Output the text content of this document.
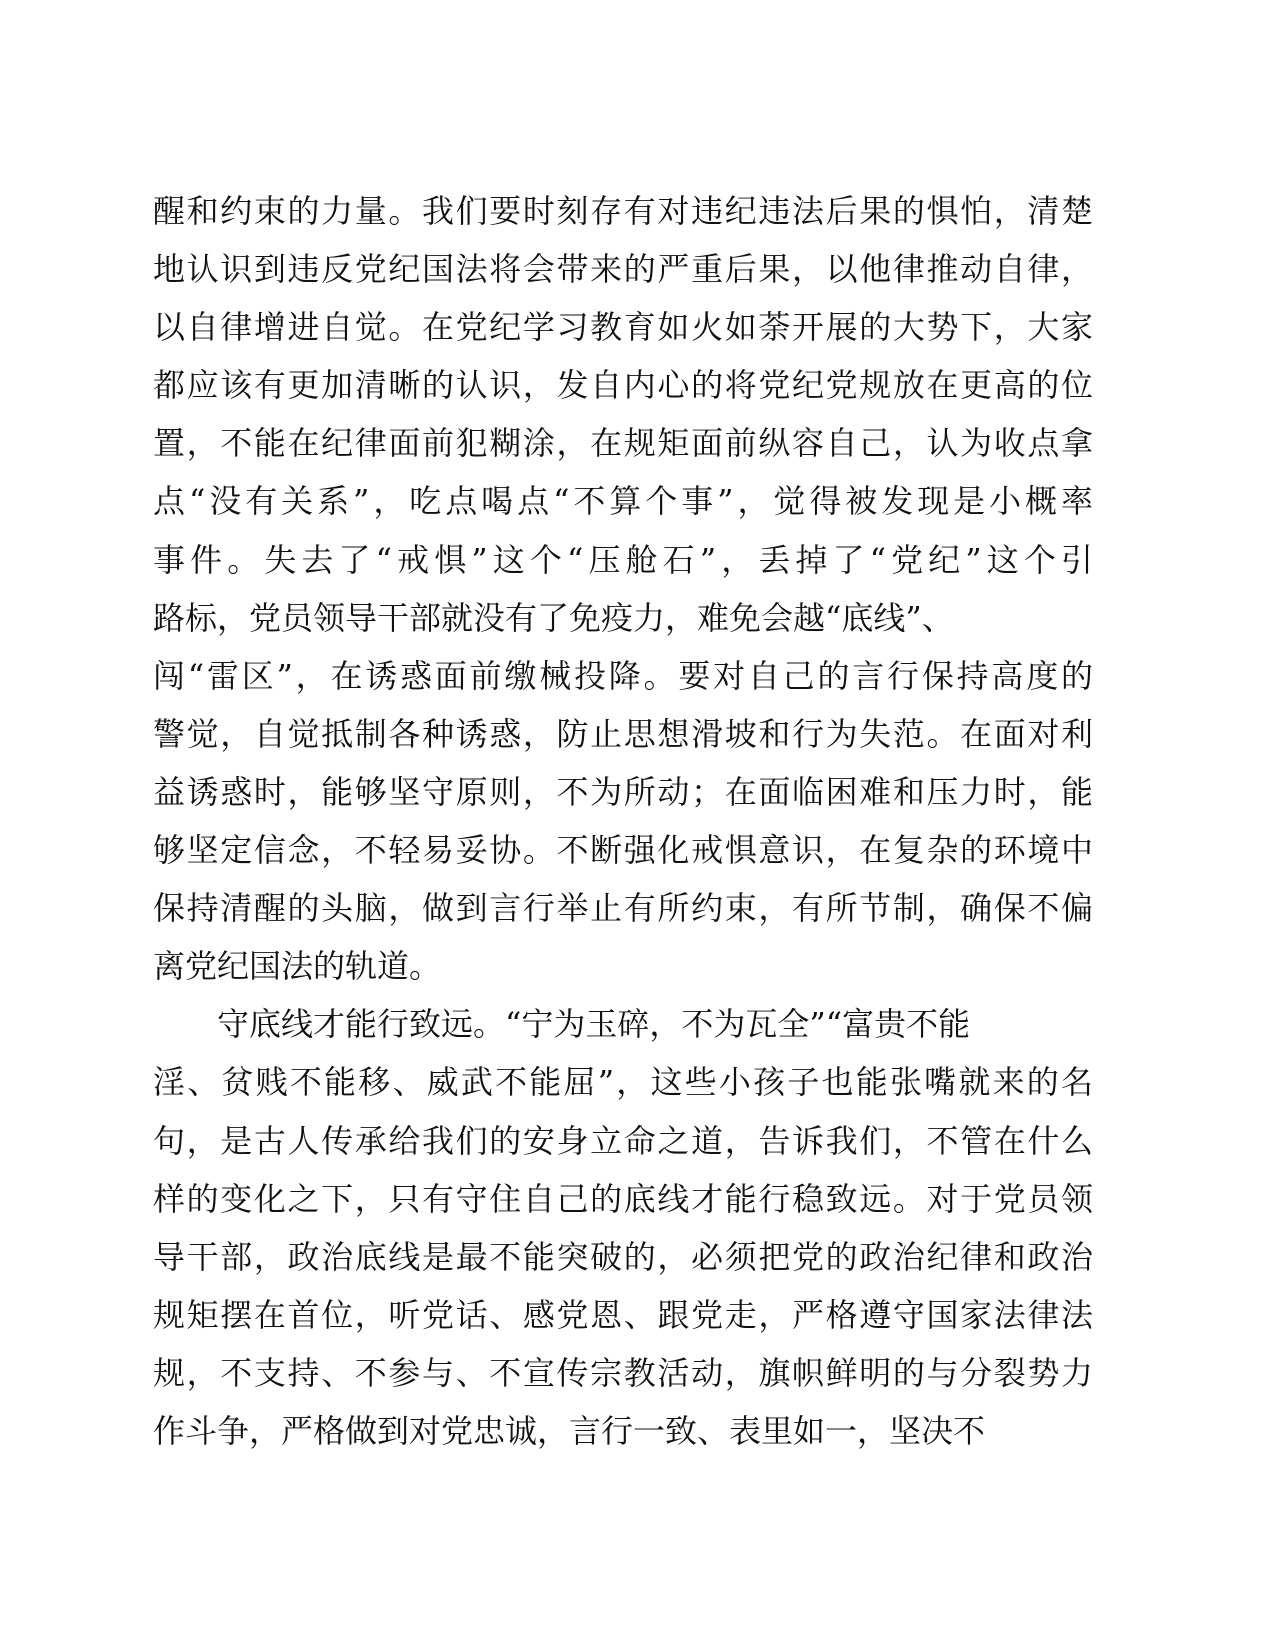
醒和约束的力量。我们要时刻存有对违纪违法后果的惧怕，清楚
地认识到违反党纪国法将会带来的严重后果，以他律推动自律，
以自律增进自觉。在党纪学习教育如火如荼开展的大势下，大家
都应该有更加清晰的认识，发自内心的将党纪党规放在更高的位
置，不能在纪律面前犯糊涂，在规矩面前纵容自己，认为收点拿
点“没有关系”，吃点喝点“不算个事”，觉得被发现是小概率
事件。失去了“戒惧”这个“压舱石”，丢掉了“党纪”这个引
路标，党员领导干部就没有了免疫力，难免会越“底线”、
闯“雷区”，在诱惑面前缴械投降。要对自己的言行保持高度的
警觉，自觉抵制各种诱惑，防止思想滑坡和行为失范。在面对利
益诱惑时，能够坚守原则，不为所动；在面临困难和压力时，能
够坚定信念，不轻易妥协。不断强化戒惧意识，在复杂的环境中
保持清醒的头脑，做到言行举止有所约束，有所节制，确保不偏
离党纪国法的轨道。
守底线才能行致远。“宁为玉碎，不为瓦全”“富贵不能
淫、贫贱不能移、威武不能屈”，这些小孩子也能张嘴就来的名
句，是古人传承给我们的安身立命之道，告诉我们，不管在什么
样的变化之下，只有守住自己的底线才能行稳致远。对于党员领
导干部，政治底线是最不能突破的，必须把党的政治纪律和政治
规矩摆在首位，听党话、感党恩、跟党走，严格遵守国家法律法
规，不支持、不参与、不宣传宗教活动，旗帜鲜明的与分裂势力
作斗争，严格做到对党忠诚，言行一致、表里如一，坚决不
